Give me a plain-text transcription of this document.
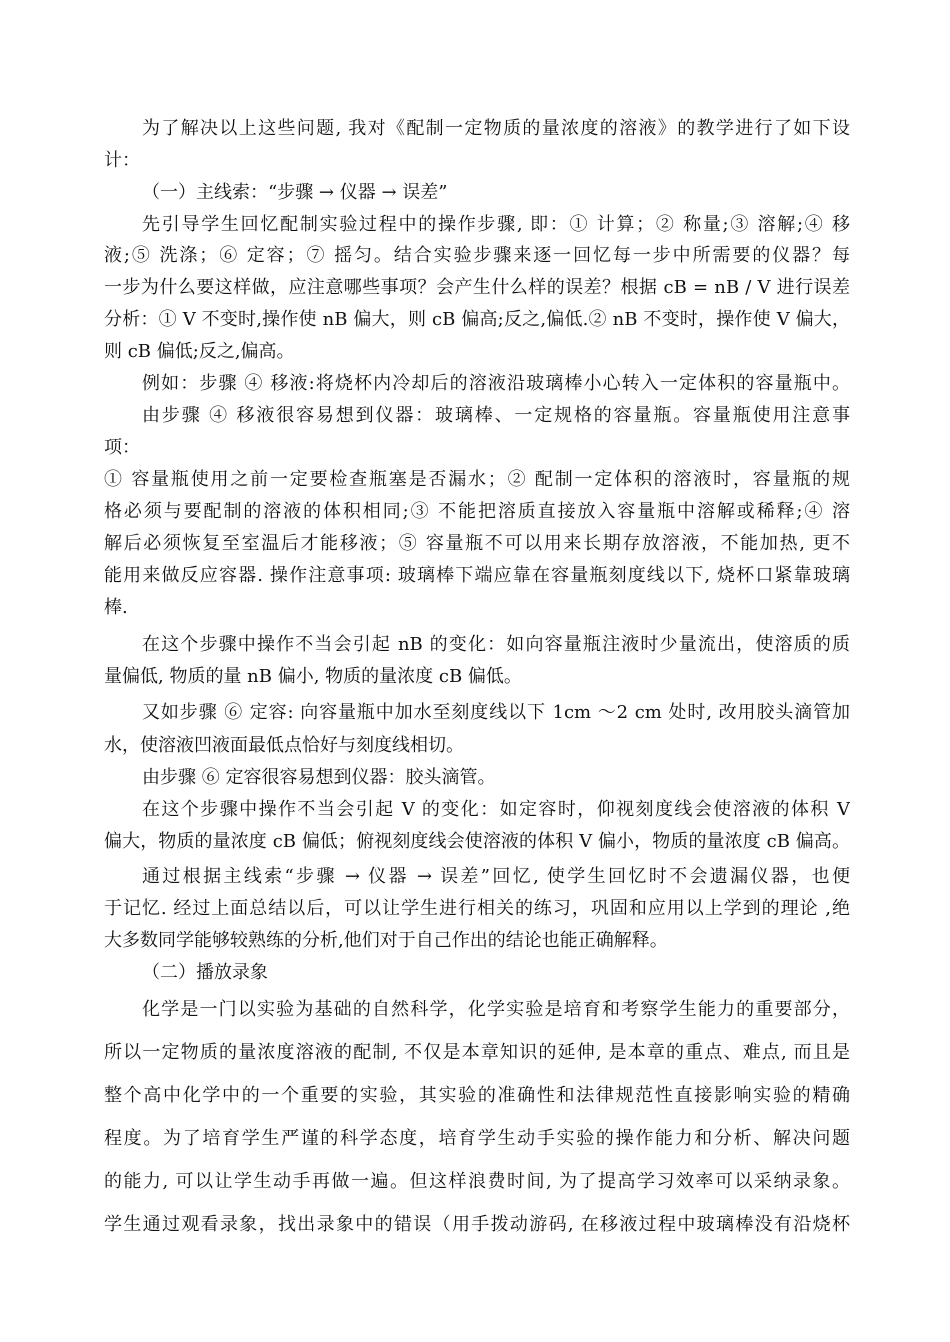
为了解决以上这些问题, 我对《配制一定物质的量浓度的溶液》的教学进行了如下设

计：

（一）主线索：“步骤 → 仪器 → 误差”

先引导学生回忆配制实验过程中的操作步骤, 即：① 计算；② 称量;③ 溶解;④ 移

液;⑤ 洗涤；⑥ 定容；⑦ 摇匀。结合实验步骤来逐一回忆每一步中所需要的仪器？每

一步为什么要这样做，应注意哪些事项？会产生什么样的误差？根据 cB = nB / V 进行误差

分析：① V 不变时,操作使 nB 偏大，则 cB 偏高;反之,偏低.② nB 不变时，操作使 V 偏大，

则 cB 偏低;反之,偏高。

例如：步骤 ④ 移液:将烧杯内冷却后的溶液沿玻璃棒小心转入一定体积的容量瓶中。

由步骤 ④ 移液很容易想到仪器：玻璃棒、一定规格的容量瓶。容量瓶使用注意事

项：

① 容量瓶使用之前一定要检查瓶塞是否漏水；② 配制一定体积的溶液时，容量瓶的规

格必须与要配制的溶液的体积相同;③ 不能把溶质直接放入容量瓶中溶解或稀释;④ 溶

解后必须恢复至室温后才能移液；⑤ 容量瓶不可以用来长期存放溶液，不能加热, 更不

能用来做反应容器. 操作注意事项: 玻璃棒下端应靠在容量瓶刻度线以下, 烧杯口紧靠玻璃

棒.

在这个步骤中操作不当会引起 nB 的变化：如向容量瓶注液时少量流出，使溶质的质

量偏低, 物质的量 nB 偏小, 物质的量浓度 cB 偏低。

又如步骤 ⑥ 定容: 向容量瓶中加水至刻度线以下 1cm ～2 cm 处时, 改用胶头滴管加

水，使溶液凹液面最低点恰好与刻度线相切。

由步骤 ⑥ 定容很容易想到仪器：胶头滴管。

在这个步骤中操作不当会引起 V 的变化：如定容时，仰视刻度线会使溶液的体积 V

偏大，物质的量浓度 cB 偏低；俯视刻度线会使溶液的体积 V 偏小，物质的量浓度 cB 偏高。

通过根据主线索“步骤 → 仪器 → 误差”回忆, 使学生回忆时不会遗漏仪器，也便

于记忆. 经过上面总结以后，可以让学生进行相关的练习，巩固和应用以上学到的理论 ,绝

大多数同学能够较熟练的分析,他们对于自己作出的结论也能正确解释。

（二）播放录象

化学是一门以实验为基础的自然科学，化学实验是培育和考察学生能力的重要部分，

所以一定物质的量浓度溶液的配制, 不仅是本章知识的延伸, 是本章的重点、难点, 而且是

整个高中化学中的一个重要的实验，其实验的准确性和法律规范性直接影响实验的精确

程度。为了培育学生严谨的科学态度，培育学生动手实验的操作能力和分析、解决问题

的能力, 可以让学生动手再做一遍。但这样浪费时间, 为了提高学习效率可以采纳录象。

学生通过观看录象，找出录象中的错误（用手拨动游码, 在移液过程中玻璃棒没有沿烧杯
